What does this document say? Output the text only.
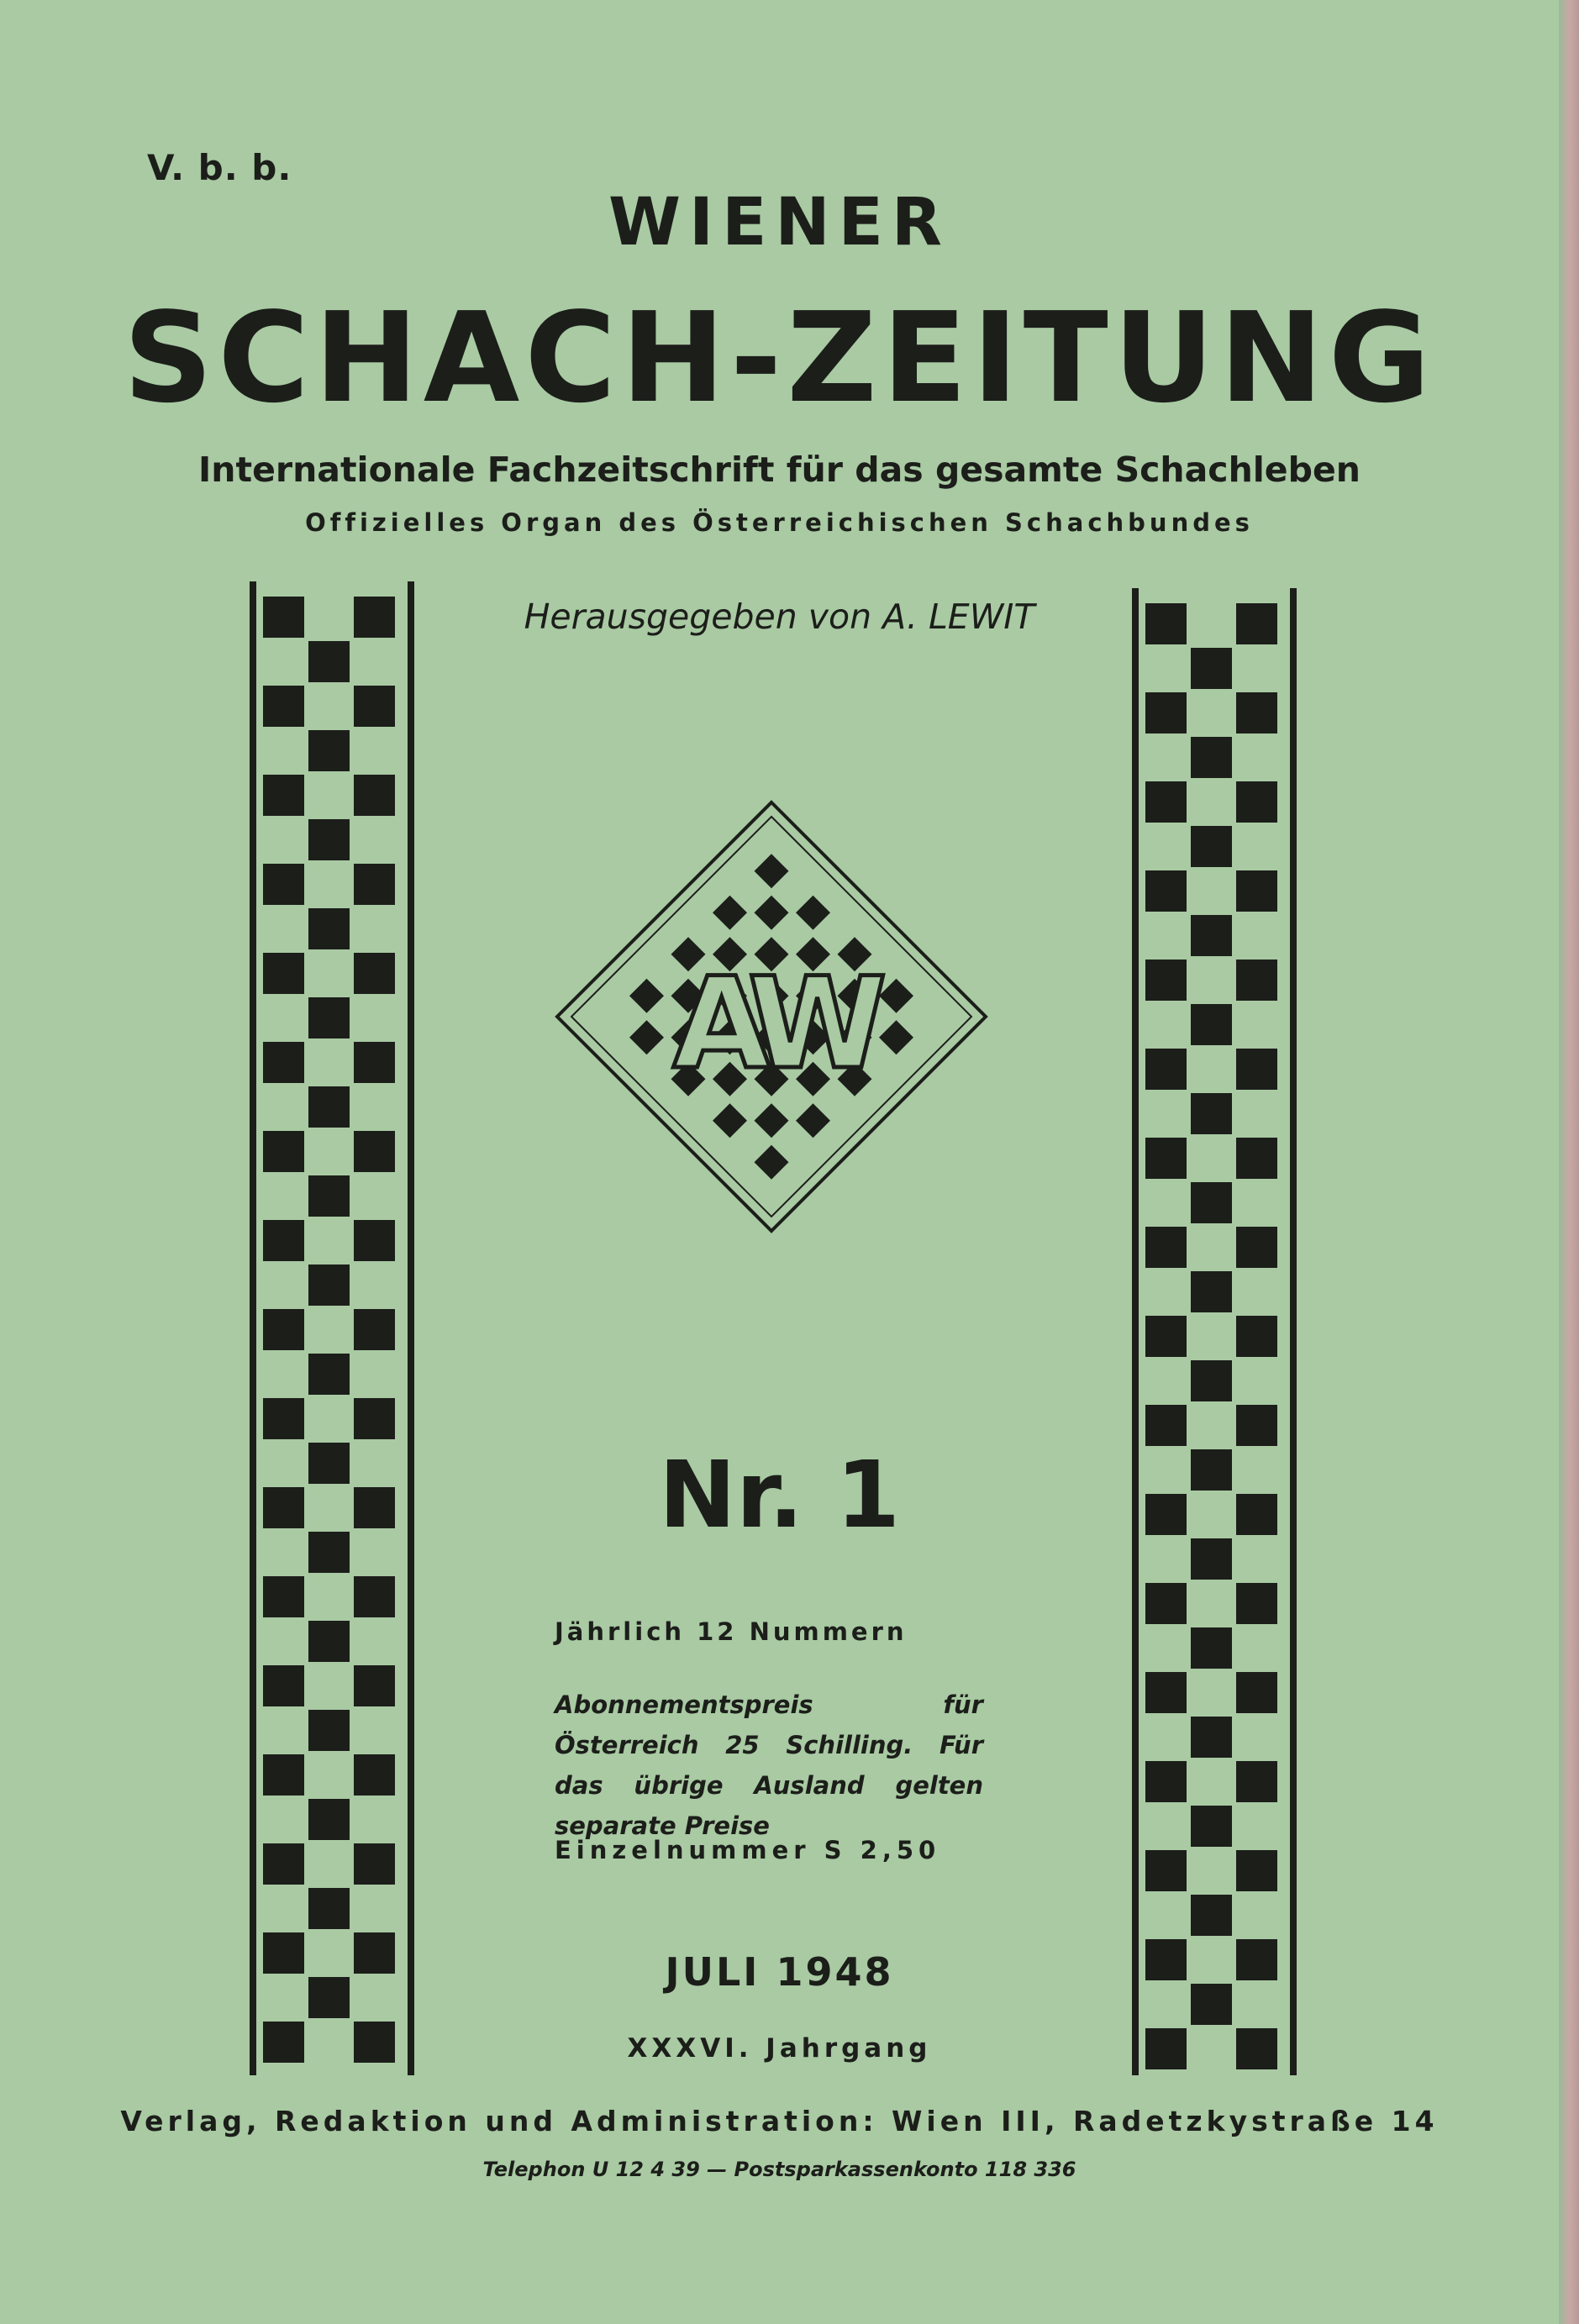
V. b. b.
WIENER
SCHACH-ZEITUNG
Internationale Fachzeitschrift für das gesamte Schachleben
Offizielles Organ des Österreichischen Schachbundes
Herausgegeben von A. LEWIT
AW
Nr. 1
Jährlich 12 Nummern
Abonnementspreis für Österreich 25 Schilling. Für das übrige Ausland gelten separate Preise
Einzelnummer S 2,50
JULI 1948
XXXVI. Jahrgang
Verlag, Redaktion und Administration: Wien III, Radetzkystraße 14
Telephon U 12 4 39 — Postsparkassenkonto 118 336
